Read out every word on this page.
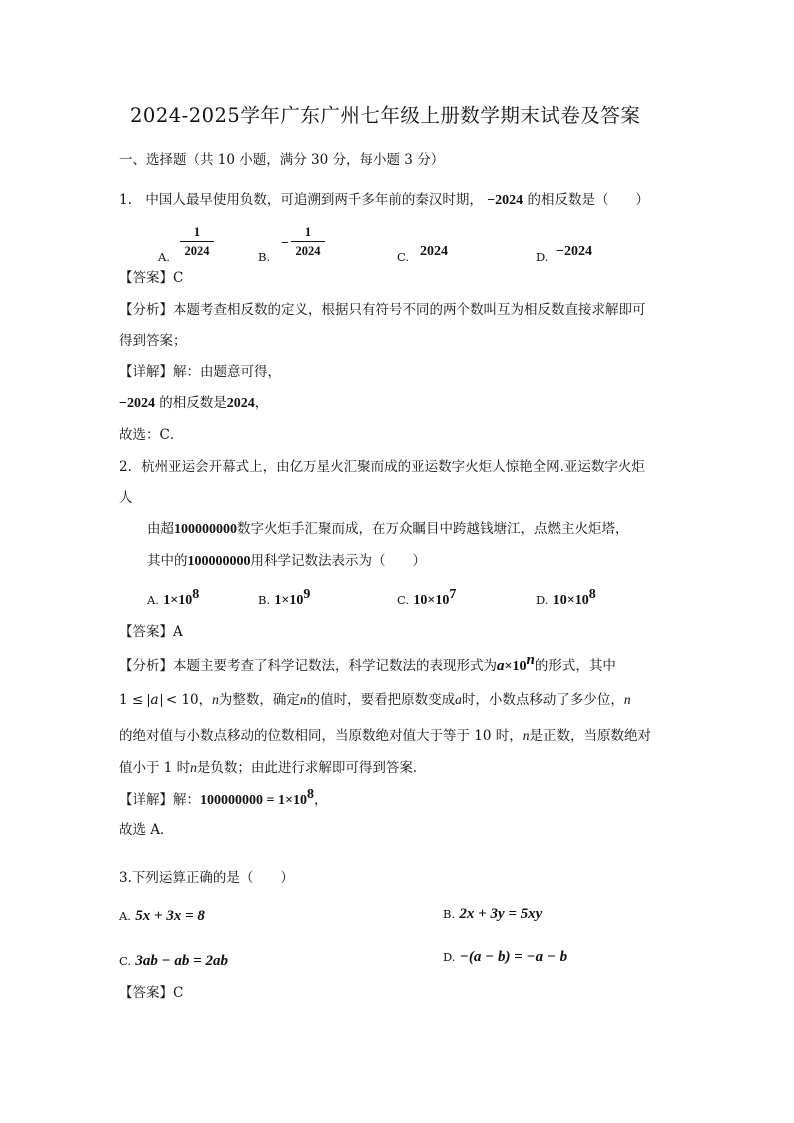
2024-2025学年广东广州七年级上册数学期末试卷及答案
一、选择题（共 10 小题，满分 30 分，每小题 3 分）
1.　中国人最早使用负数，可追溯到两千多年前的秦汉时期， −2024 的相反数是（　　）
A.
1
2024	B.
−
1
2024	C. 2024	D. −2024
【答案】C
【分析】本题考查相反数的定义，根据只有符号不同的两个数叫互为相反数直接求解即可
得到答案；
【详解】解：由题意可得，
−2024 的相反数是2024，
故选：C．
2．杭州亚运会开幕式上，由亿万星火汇聚而成的亚运数字火炬人惊艳全网.亚运数字火炬
人
由超100000000数字火炬手汇聚而成，在万众瞩目中跨越钱塘江，点燃主火炬塔，
其中的100000000用科学记数法表示为（　　）
A. $1\times 10^8$	B. $1\times 10^9$	C. $10\times 10^7$	D. $10\times 10^8$
【答案】A
【分析】本题主要考查了科学记数法，科学记数法的表现形式为$a\times 10^n$的形式，其中
1 ≤ a < 10，n为整数，确定n的值时，要看把原数变成a时，小数点移动了多少位，n
的绝对值与小数点移动的位数相同，当原数绝对值大于等于 10 时，n是正数，当原数绝对
值小于 1 时n是负数；由此进行求解即可得到答案．
【详解】解：$100000000 = 1\times 10^8$，
故选 A．
3.下列运算正确的是（　　）
A. 5x + 3x = 8	B. 2x + 3y = 5xy
C. 3ab − ab = 2ab	D. −(a − b) = −a − b
【答案】C
